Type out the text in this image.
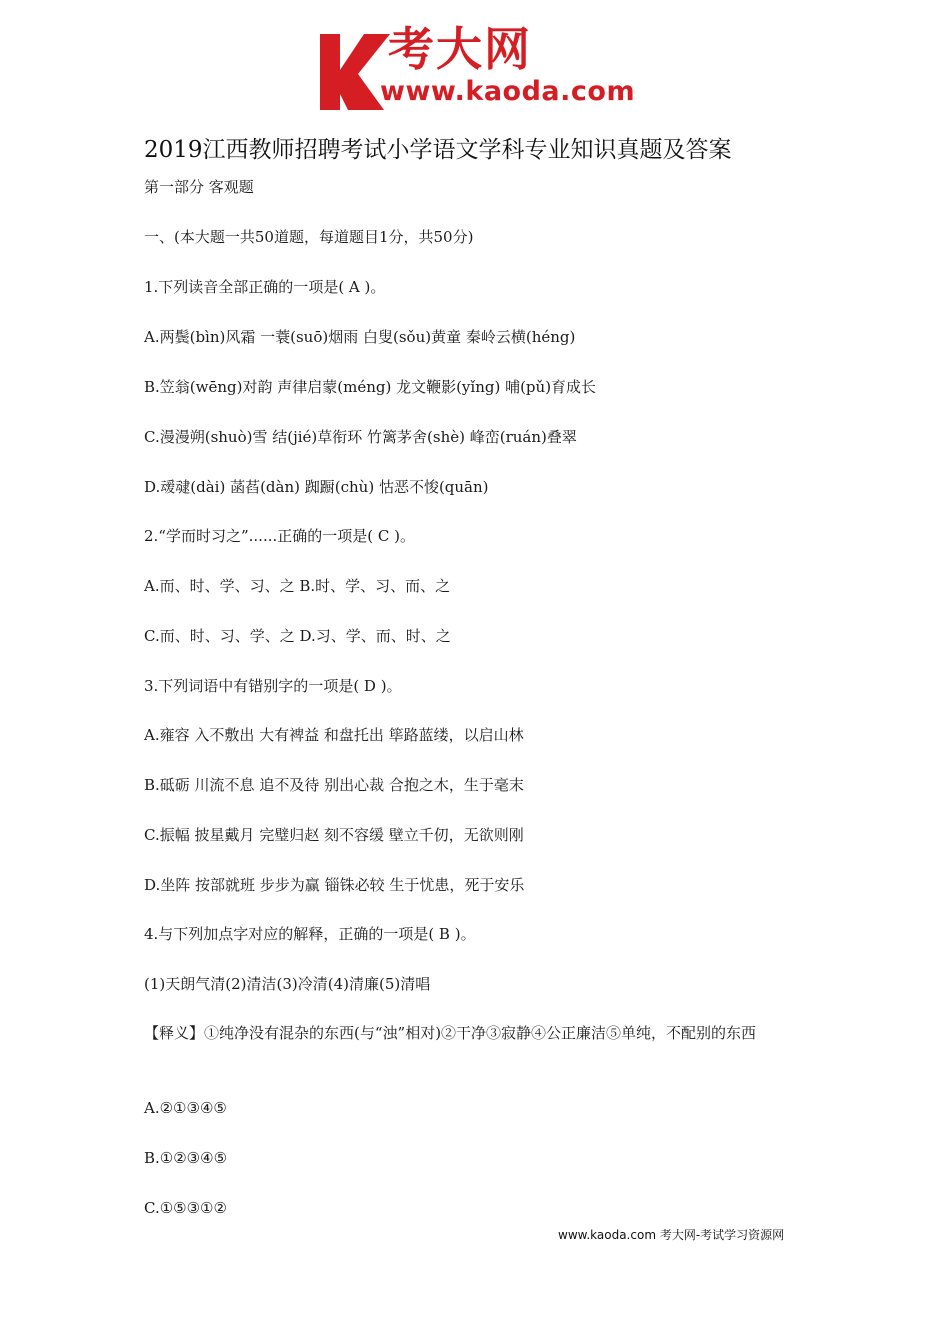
考大网
www.kaoda.com
2019江西教师招聘考试小学语文学科专业知识真题及答案
第一部分 客观题
一、(本大题一共50道题，每道题目1分，共50分)
1.下列读音全部正确的一项是( A )。
A.两鬓(bìn)风霜 一蓑(suō)烟雨 白叟(sǒu)黄童 秦岭云横(héng)
B.笠翁(wēng)对韵 声律启蒙(méng) 龙文鞭影(yǐng) 哺(pǔ)育成长
C.漫漫朔(shuò)雪 结(jié)草衔环 竹篱茅舍(shè) 峰峦(ruán)叠翠
D.叆叇(dài) 菡萏(dàn) 踟蹰(chù) 怙恶不悛(quān)
2.“学而时习之”......正确的一项是( C )。
A.而、时、学、习、之 B.时、学、习、而、之
C.而、时、习、学、之 D.习、学、而、时、之
3.下列词语中有错别字的一项是( D )。
A.雍容 入不敷出 大有裨益 和盘托出 筚路蓝缕，以启山林
B.砥砺 川流不息 追不及待 别出心裁 合抱之木，生于毫末
C.振幅 披星戴月 完璧归赵 刻不容缓 壁立千仞，无欲则刚
D.坐阵 按部就班 步步为赢 锱铢必较 生于忧患，死于安乐
4.与下列加点字对应的解释，正确的一项是( B )。
(1)天朗气清(2)清洁(3)冷清(4)清廉(5)清唱
【释义】①纯净没有混杂的东西(与“浊”相对)②干净③寂静④公正廉洁⑤单纯，不配别的东西
A.②①③④⑤
B.①②③④⑤
C.①⑤③①②
www.kaoda.com 考大网-考试学习资源网
